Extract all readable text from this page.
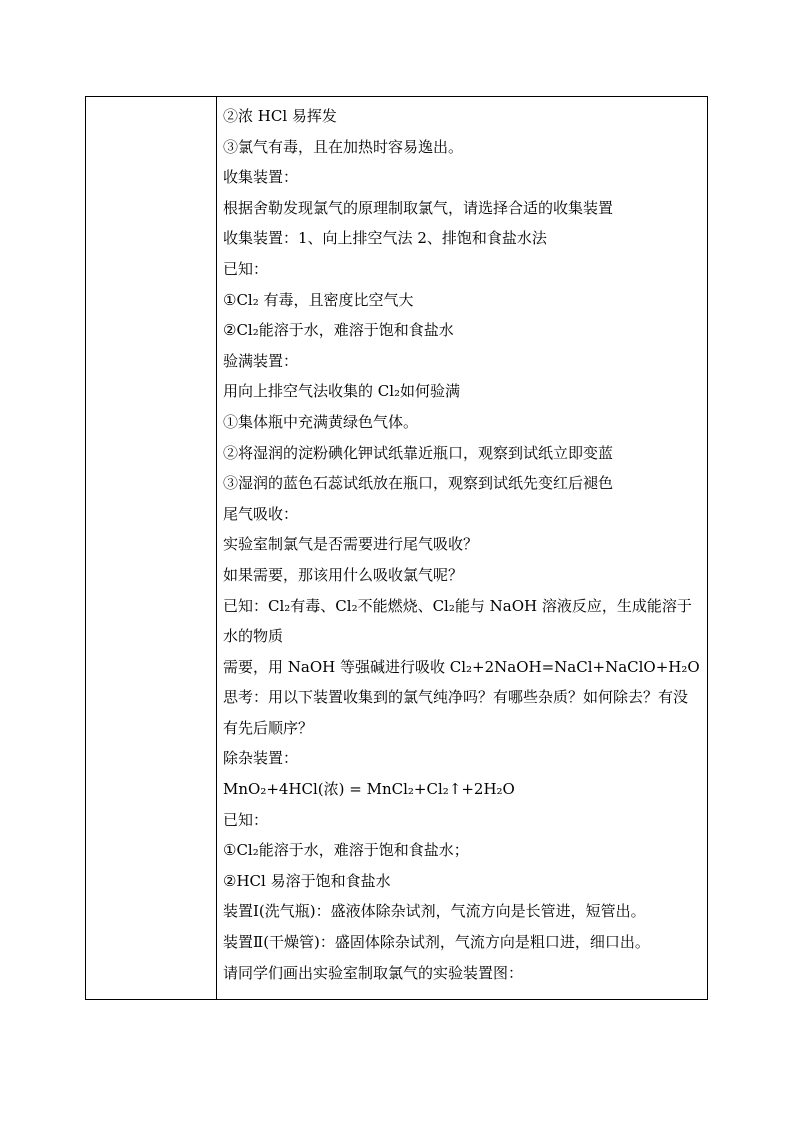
②浓 HCl 易挥发
③氯气有毒，且在加热时容易逸出。
收集装置：
根据舍勒发现氯气的原理制取氯气，请选择合适的收集装置
收集装置：1、向上排空气法 2、排饱和食盐水法
已知：
①Cl₂ 有毒，且密度比空气大
②Cl₂能溶于水，难溶于饱和食盐水
验满装置：
用向上排空气法收集的 Cl₂如何验满
①集体瓶中充满黄绿色气体。
②将湿润的淀粉碘化钾试纸靠近瓶口，观察到试纸立即变蓝
③湿润的蓝色石蕊试纸放在瓶口，观察到试纸先变红后褪色
尾气吸收：
实验室制氯气是否需要进行尾气吸收？
如果需要，那该用什么吸收氯气呢？
已知：Cl₂有毒、Cl₂不能燃烧、Cl₂能与 NaOH 溶液反应，生成能溶于水的物质
需要，用 NaOH 等强碱进行吸收 Cl₂+2NaOH=NaCl+NaClO+H₂O
思考：用以下装置收集到的氯气纯净吗？有哪些杂质？如何除去？有没有先后顺序？
除杂装置：
MnO₂+4HCl(浓) = MnCl₂+Cl₂↑+2H₂O
已知：
①Cl₂能溶于水，难溶于饱和食盐水；
②HCl 易溶于饱和食盐水
装置Ⅰ(洗气瓶)：盛液体除杂试剂，气流方向是长管进，短管出。
装置Ⅱ(干燥管)：盛固体除杂试剂，气流方向是粗口进，细口出。
请同学们画出实验室制取氯气的实验装置图：
